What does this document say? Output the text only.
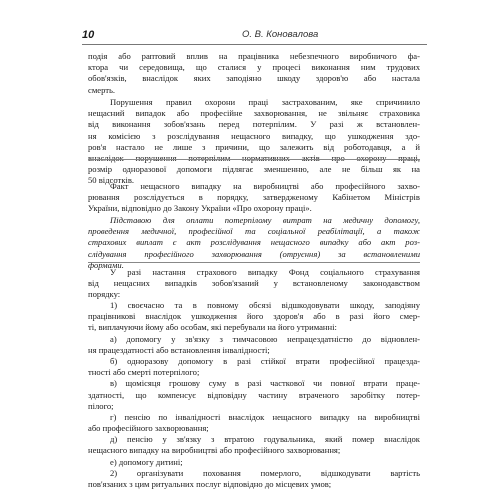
10	О. В. Коновалова
подія або раптовий вплив на працівника небезпечного виробничого фа-
ктора чи середовища, що сталися у процесі виконання ним трудових
обов'язків, внаслідок яких заподіяно шкоду здоров'ю або настала
смерть.
Порушення правил охорони праці застрахованим, яке спричинило
нещасний випадок або професійне захворювання, не звільняє страховика
від виконання зобов'язань перед потерпілим. У разі ж встановлен-
ня комісією з розслідування нещасного випадку, що ушкодження здо-
ров'я настало не лише з причини, що залежить від роботодавця, а й
внаслідок порушення потерпілим нормативних актів про охорону праці,
розмір одноразової допомоги підлягає зменшенню, але не більш як на
50 відсотків.
Факт нещасного випадку на виробництві або професійного захво-
рювання розслідується в порядку, затвердженому Кабінетом Міністрів
України, відповідно до Закону України «Про охорону праці».
Підставою для оплати потерпілому витрат на медичну допомогу,
проведення медичної, професійної та соціальної реабілітації, а також
страхових виплат є акт розслідування нещасного випадку або акт роз-
слідування професійного захворювання (отруєння) за встановленими
формами.
У разі настання страхового випадку Фонд соціального страхування
від нещасних випадків зобов'язаний у встановленому законодавством
порядку:
1) своєчасно та в повному обсязі відшкодовувати шкоду, заподіяну
працівникові внаслідок ушкодження його здоров'я або в разі його смер-
ті, виплачуючи йому або особам, які перебували на його утриманні:
а) допомогу у зв'язку з тимчасовою непрацездатністю до відновлен-
ня працездатності або встановлення інвалідності;
б) одноразову допомогу в разі стійкої втрати професійної працезда-
тності або смерті потерпілого;
в) щомісяця грошову суму в разі часткової чи повної втрати праце-
здатності, що компенсує відповідну частину втраченого заробітку потер-
пілого;
г) пенсію по інвалідності внаслідок нещасного випадку на виробництві
або професійного захворювання;
д) пенсію у зв'язку з втратою годувальника, який помер внаслідок
нещасного випадку на виробництві або професійного захворювання;
е) допомогу дитині;
2) організувати поховання померлого, відшкодувати вартість
пов'язаних з цим ритуальних послуг відповідно до місцевих умов;
